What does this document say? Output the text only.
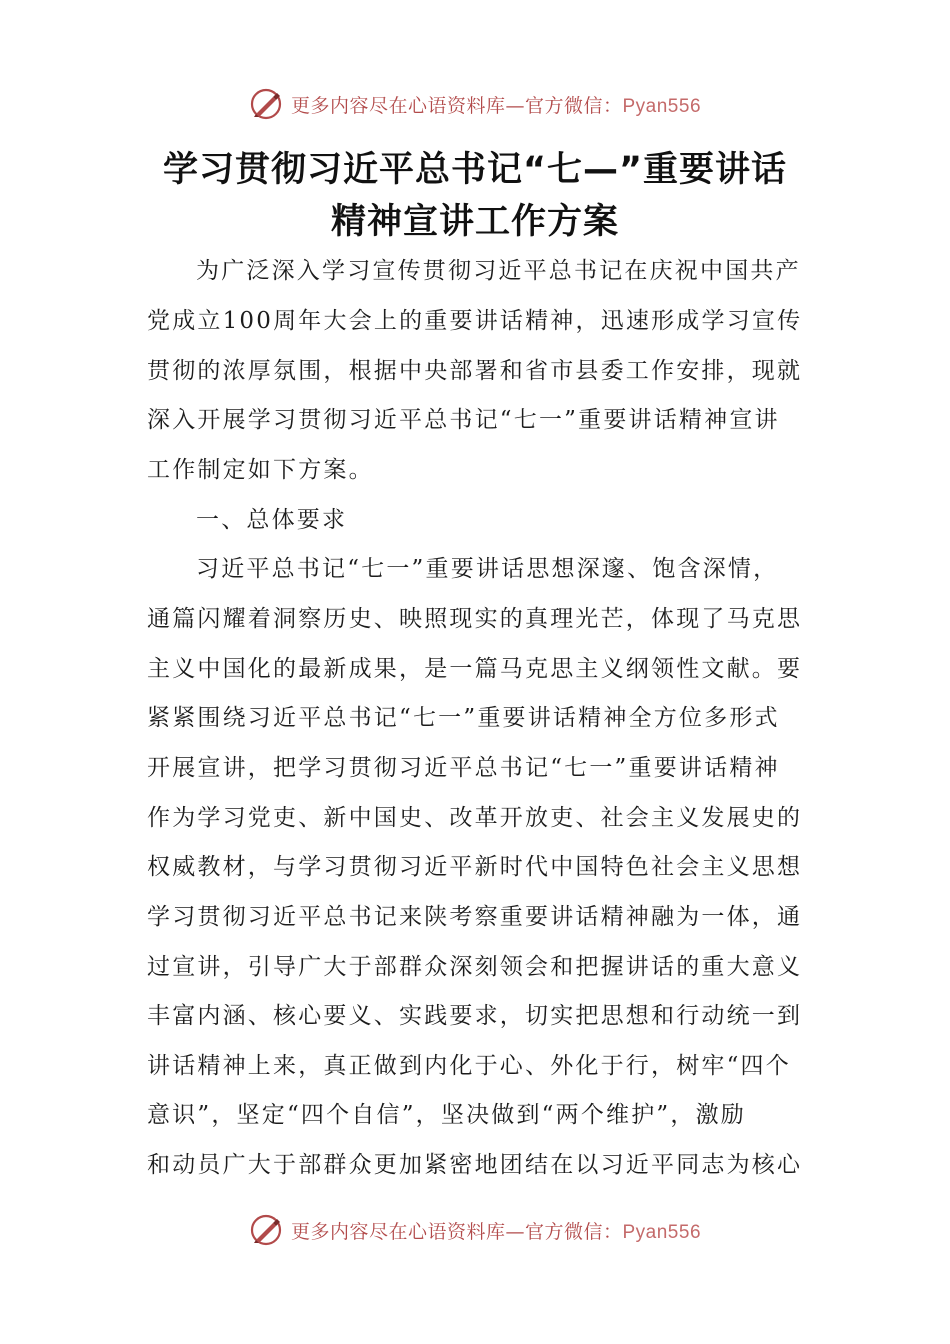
更多内容尽在心语资料库—官方微信：Pyan556
学习贯彻习近平总书记“七—”重要讲话
精神宣讲工作方案
为广泛深入学习宣传贯彻习近平总书记在庆祝中国共产
党成立100周年大会上的重要讲话精神，迅速形成学习宣传
贯彻的浓厚氛围，根据中央部署和省市县委工作安排，现就
深入开展学习贯彻习近平总书记“七一”重要讲话精神宣讲
工作制定如下方案。
一、总体要求
习近平总书记“七一”重要讲话思想深邃、饱含深情，
通篇闪耀着洞察历史、映照现实的真理光芒，体现了马克思
主义中国化的最新成果，是一篇马克思主义纲领性文献。要
紧紧围绕习近平总书记“七一”重要讲话精神全方位多形式
开展宣讲，把学习贯彻习近平总书记“七一”重要讲话精神
作为学习党吏、新中国史、改革开放吏、社会主义发展史的
权威教材，与学习贯彻习近平新时代中国特色社会主义思想
学习贯彻习近平总书记来陕考察重要讲话精神融为一体，通
过宣讲，引导广大于部群众深刻领会和把握讲话的重大意义
丰富内涵、核心要义、实践要求，切实把思想和行动统一到
讲话精神上来，真正做到内化于心、外化于行，树牢“四个
意识”，坚定“四个自信”，坚决做到“两个维护”，激励
和动员广大于部群众更加紧密地团结在以习近平同志为核心
更多内容尽在心语资料库—官方微信：Pyan556
